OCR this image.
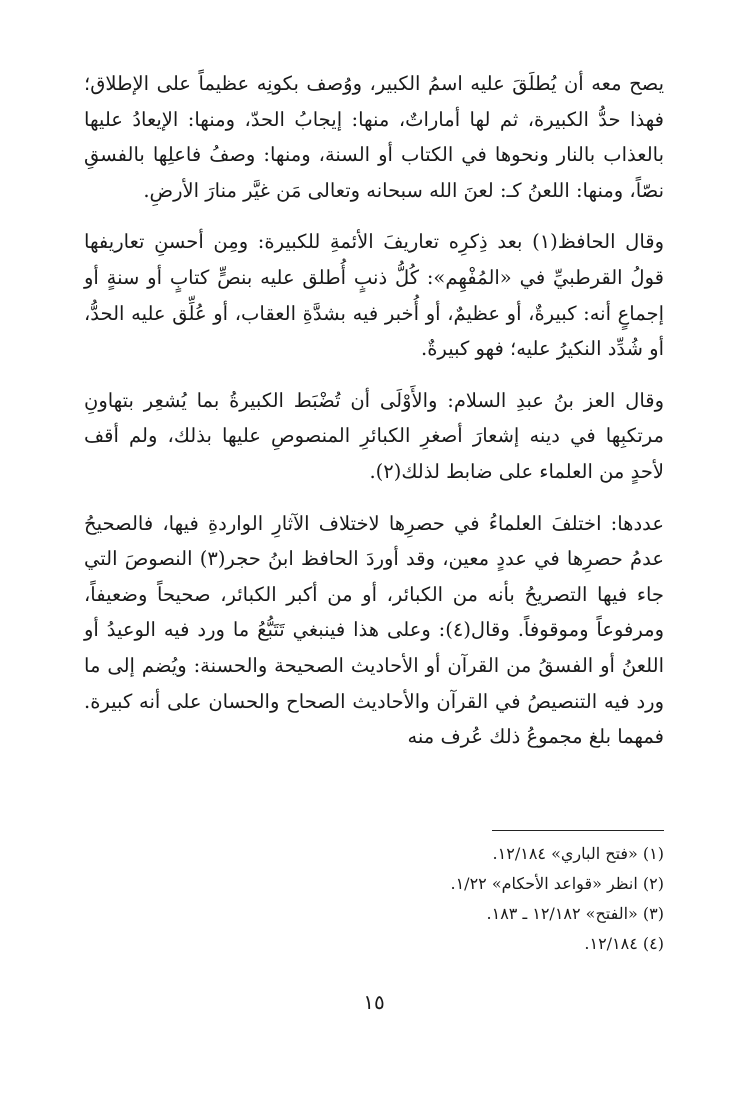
يصح معه أن يُطلَقَ عليه اسمُ الكبير، ووُصف بكونِه عظيماً على الإطلاق؛ فهذا حدُّ الكبيرة، ثم لها أماراتٌ، منها: إيجابُ الحدّ، ومنها: الإيعادُ عليها بالعذاب بالنار ونحوها في الكتاب أو السنة، ومنها: وصفُ فاعلِها بالفسقِ نصّاً، ومنها: اللعنُ كـ: لعنَ الله سبحانه وتعالى مَن غيَّر منارَ الأرضِ.

وقال الحافظ(١) بعد ذِكرِه تعاريفَ الأئمةِ للكبيرة: ومِن أحسنِ تعاريفها قولُ القرطبيِّ في «المُفْهِم»: كُلُّ ذنبٍ أُطلق عليه بنصٍّ كتابٍ أو سنةٍ أو إجماعٍ أنه: كبيرةٌ، أو عظيمٌ، أو أُخبر فيه بشدَّةِ العقاب، أو عُلِّق عليه الحدُّ، أو شُدِّد النكيرُ عليه؛ فهو كبيرةٌ.

وقال العز بنُ عبدِ السلام: والأَوْلَى أن تُضْبَط الكبيرةُ بما يُشعِر بتهاونِ مرتكبِها في دينه إشعارَ أصغرِ الكبائرِ المنصوصِ عليها بذلك، ولم أقف لأحدٍ من العلماء على ضابط لذلك(٢).

عددها: اختلفَ العلماءُ في حصرِها لاختلاف الآثارِ الواردةِ فيها، فالصحيحُ عدمُ حصرِها في عددٍ معين، وقد أوردَ الحافظ ابنُ حجر(٣) النصوصَ التي جاء فيها التصريحُ بأنه من الكبائر، أو من أكبر الكبائر، صحيحاً وضعيفاً، ومرفوعاً وموقوفاً. وقال(٤): وعلى هذا فينبغي تَتَبُّعُ ما ورد فيه الوعيدُ أو اللعنُ أو الفسقُ من القرآن أو الأحاديث الصحيحة والحسنة: ويُضم إلى ما ورد فيه التنصيصُ في القرآن والأحاديث الصحاح والحسان على أنه كبيرة. فمهما بلغ مجموعُ ذلك عُرف منه

(١) «فتح الباري» ١٢/١٨٤.
(٢) انظر «قواعد الأحكام» ١/٢٢.
(٣) «الفتح» ١٢/١٨٢ ـ ١٨٣.
(٤) ١٢/١٨٤.
١٥
